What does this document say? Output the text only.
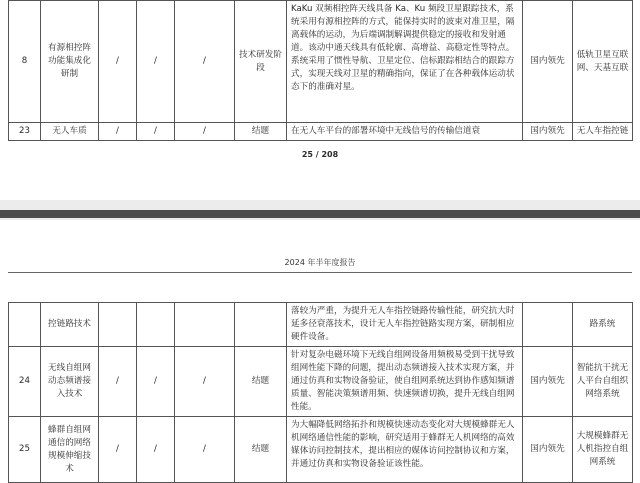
8	有源相控阵功能集成化研制	/	/	/	技术研发阶段	KaKu 双频相控阵天线具备 Ka、Ku 频段卫星跟踪技术，系统采用有源相控阵的方式，能保持实时的波束对准卫星，隔离载体的运动，为后端调制解调提供稳定的接收和发射通道。该动中通天线具有低轮廓、高增益、高稳定性等特点。系统采用了惯性导航、卫星定位、信标跟踪相结合的跟踪方式，实现天线对卫星的精确指向，保证了在各种载体运动状态下的准确对星。	国内领先	低轨卫星互联网、天基互联
23	无人车质	/	/	/	结题	在无人车平台的部署环境中无线信号的传输信道衰	国内领先	无人车指控链
25 / 208
2024 年半年度报告
	控链路技术					落较为严重，为提升无人车指控链路传输性能，研究抗大时延多径衰落技术，设计无人车指控链路实现方案，研制相应硬件设备。		路系统
24	无线自组网动态频谱接入技术	/	/	/	结题	针对复杂电磁环境下无线自组网设备用频极易受到干扰导致组网性能下降的问题，提出动态频谱接入技术实现方案，并通过仿真和实物设备验证，使自组网系统达到协作感知频谱质量、智能决策频谱用频、快速频谱切换，提升无线自组网性能。	国内领先	智能抗干扰无人平台自组织网络系统
25	蜂群自组网通信的网络规模伸缩技术	/	/	/	结题	为大幅降低网络拓扑和规模快速动态变化对大规模蜂群无人机网络通信性能的影响，研究适用于蜂群无人机网络的高效媒体访问控制技术，提出相应的媒体访问控制协议和方案，并通过仿真和实物设备验证该性能。	国内领先	大规模蜂群无人机指控自组网系统
